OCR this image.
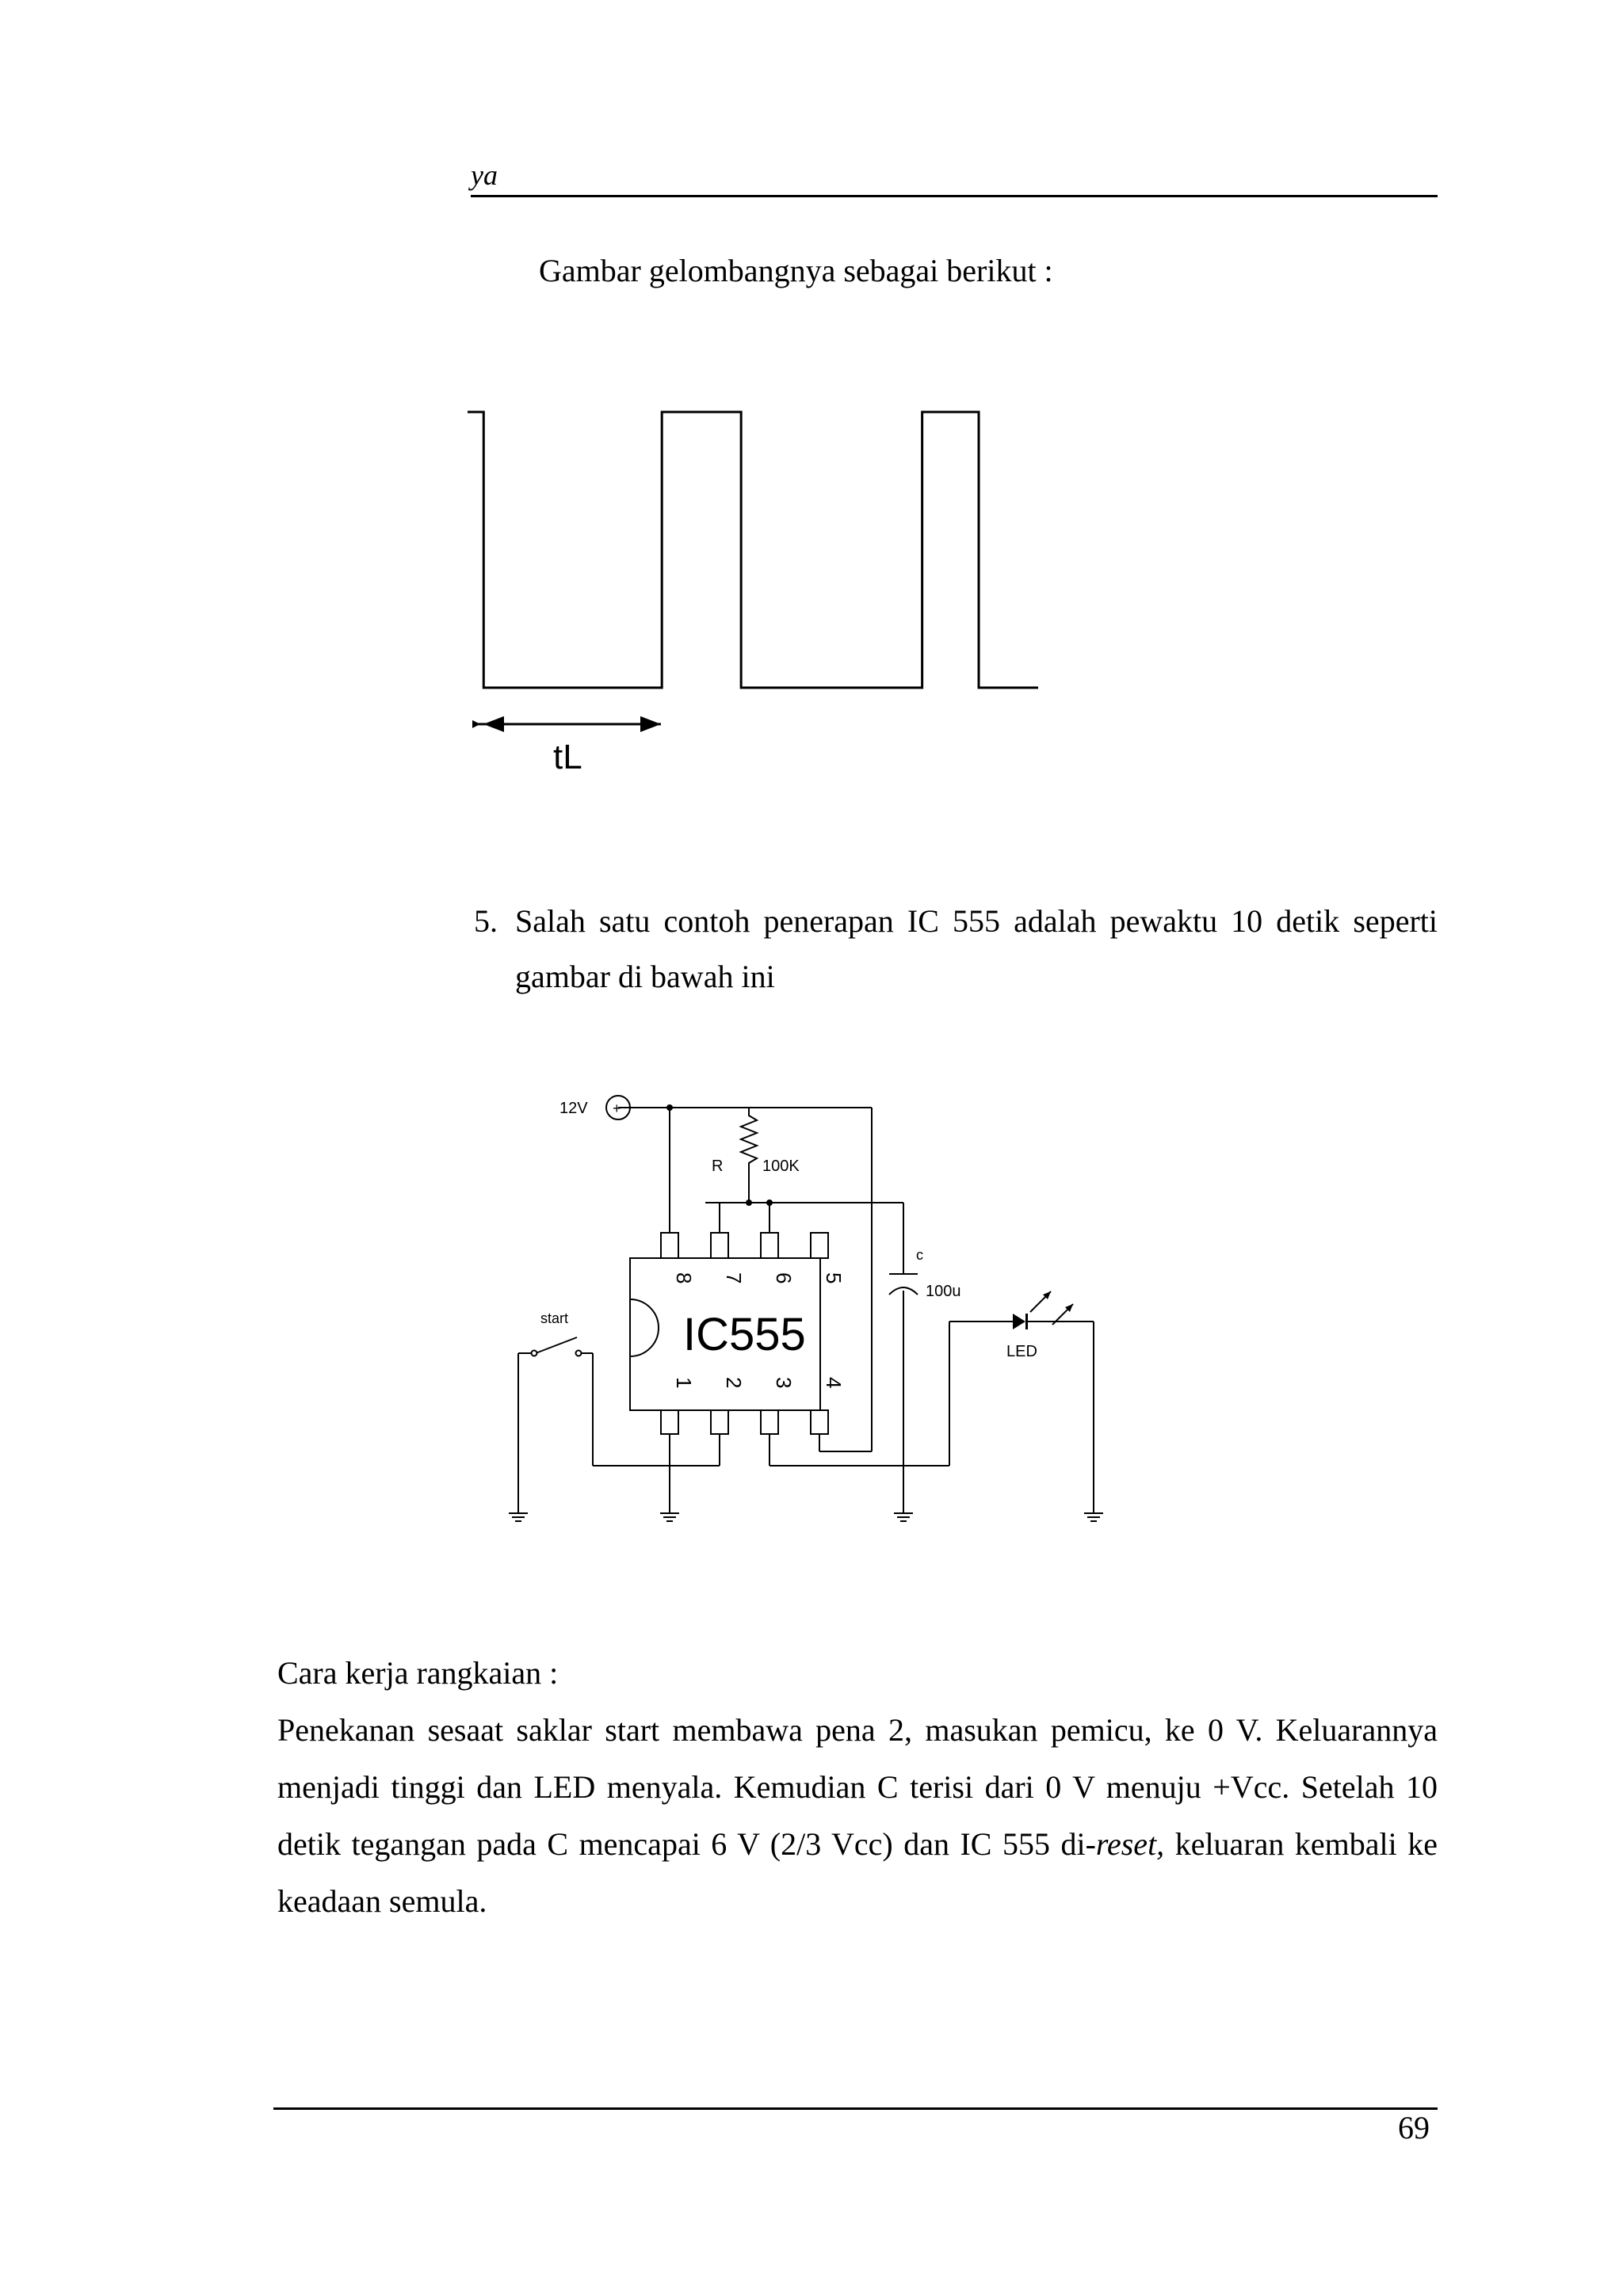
ya
Gambar gelombangnya sebagai berikut :
tL
5. Salah satu contoh penerapan IC 555 adalah pewaktu 10 detik seperti gambar di bawah ini
12V +
R 100K
c
100u
start
LED
IC555
8 7 6 5
1 2 3 4
Cara kerja rangkaian :
Penekanan sesaat saklar start membawa pena 2, masukan pemicu, ke 0 V. Keluarannya menjadi tinggi dan LED menyala. Kemudian C terisi dari 0 V menuju +Vcc. Setelah 10 detik tegangan pada C mencapai 6 V (2/3 Vcc) dan IC 555 di-reset, keluaran kembali ke keadaan semula.
69
